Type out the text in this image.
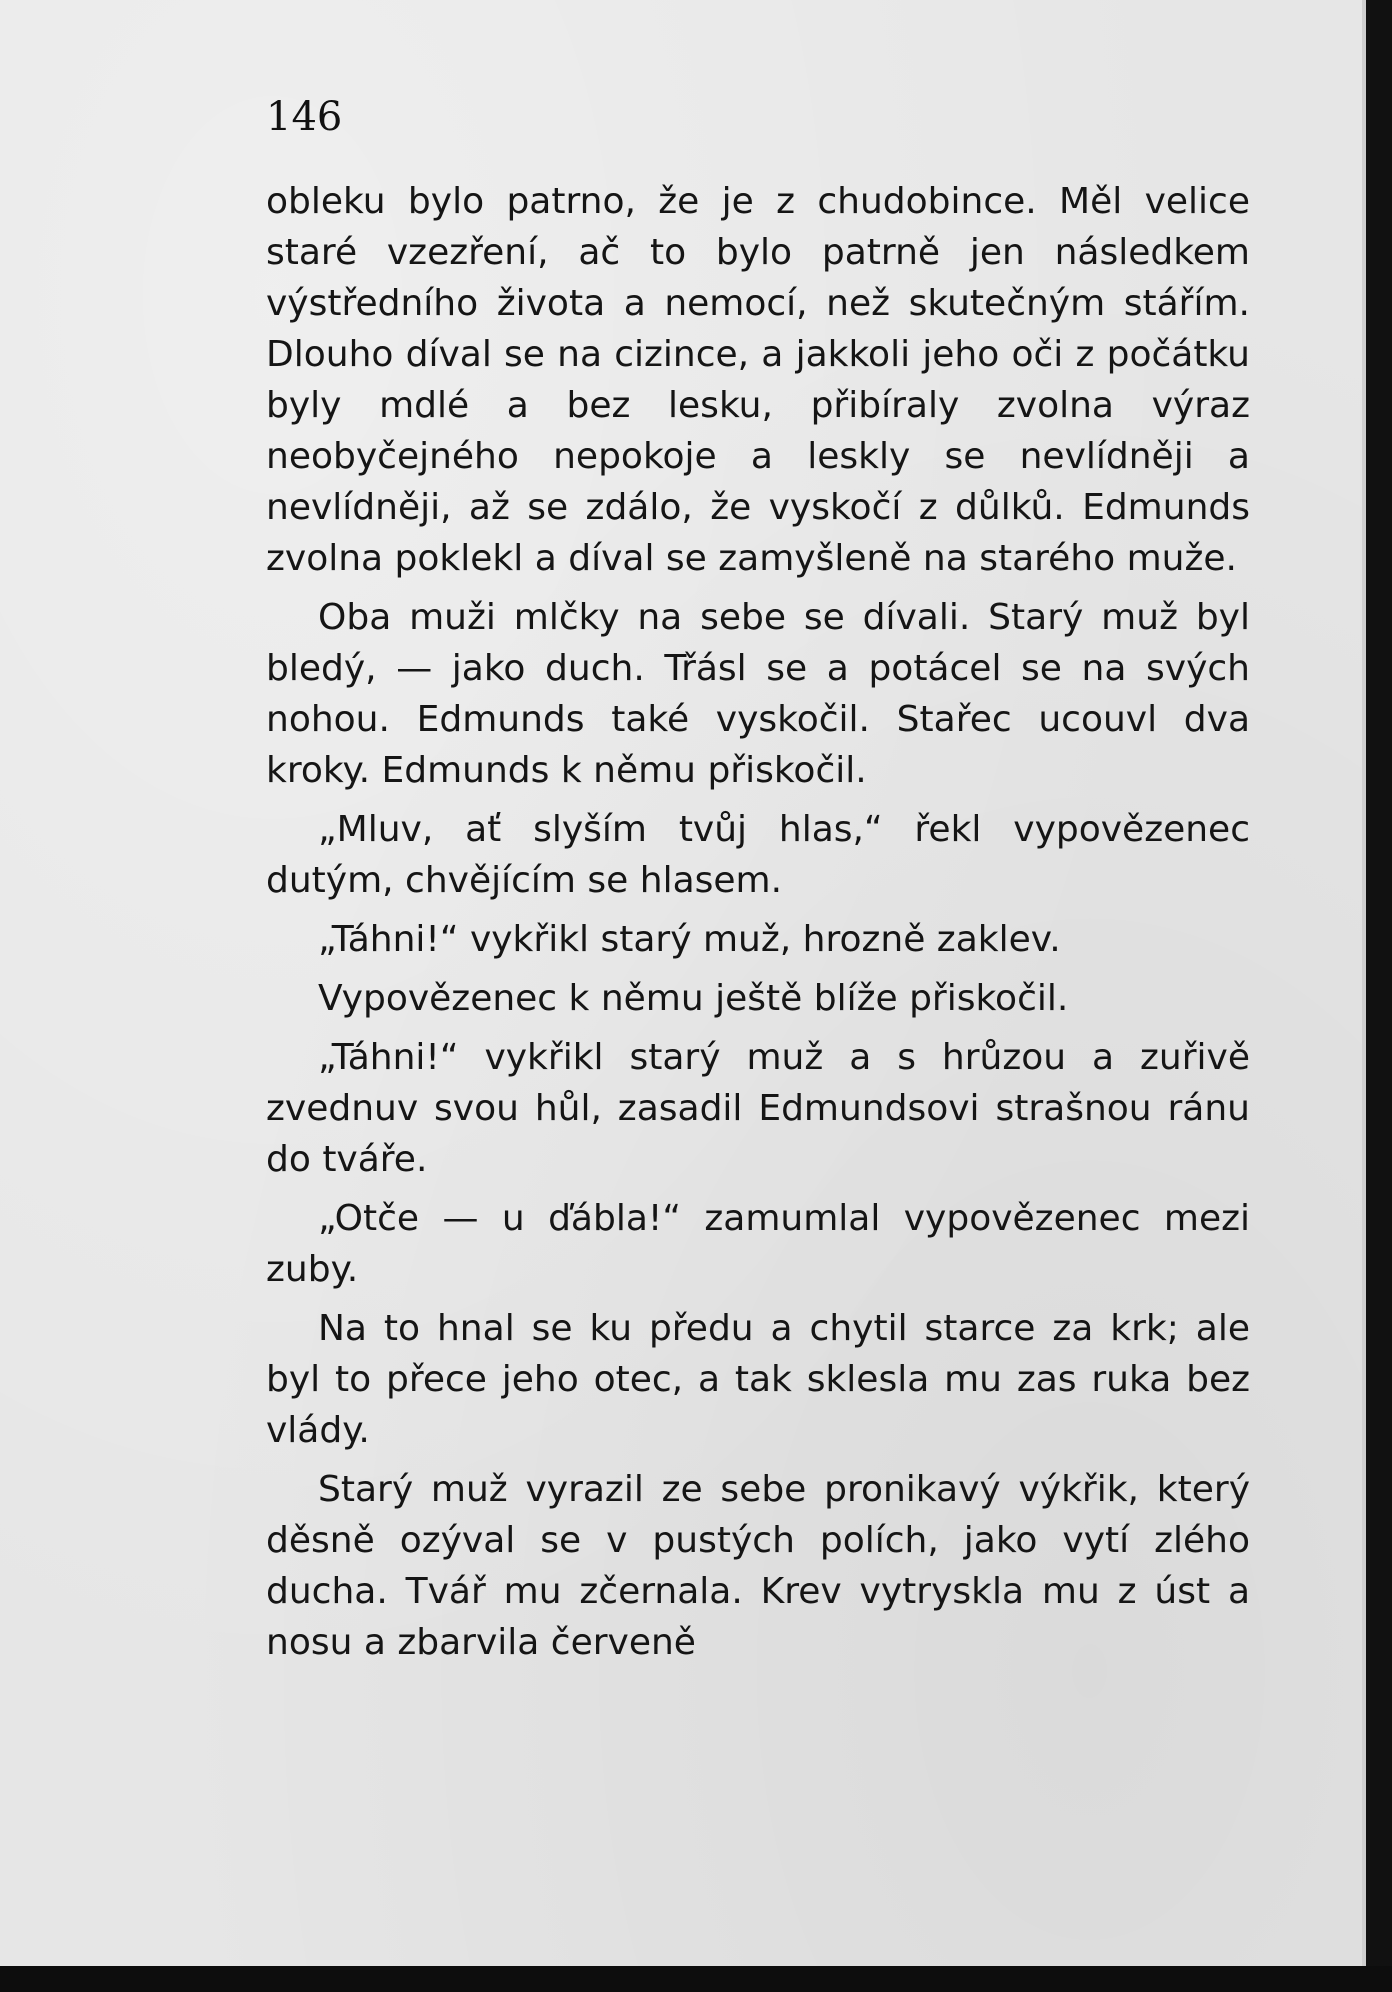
146

obleku bylo patrno, že je z chudobince. Měl velice staré vzezření, ač to bylo patrně jen následkem výstředního života a nemocí, než skutečným stářím. Dlouho díval se na cizince, a jakkoli jeho oči z počátku byly mdlé a bez lesku, přibíraly zvolna výraz neobyčejného nepokoje a leskly se nevlídněji a nevlídněji, až se zdálo, že vyskočí z důlků. Edmunds zvolna poklekl a díval se zamyšleně na starého muže.

Oba muži mlčky na sebe se dívali. Starý muž byl bledý, — jako duch. Třásl se a potácel se na svých nohou. Edmunds také vyskočil. Stařec ucouvl dva kroky. Edmunds k němu přiskočil.

„Mluv, ať slyším tvůj hlas,“ řekl vypovězenec dutým, chvějícím se hlasem.

„Táhni!“ vykřikl starý muž, hrozně zaklev.

Vypovězenec k němu ještě blíže přiskočil.

„Táhni!“ vykřikl starý muž a s hrůzou a zuřivě zvednuv svou hůl, zasadil Edmundsovi strašnou ránu do tváře.

„Otče — u ďábla!“ zamumlal vypovězenec mezi zuby.

Na to hnal se ku předu a chytil starce za krk; ale byl to přece jeho otec, a tak sklesla mu zas ruka bez vlády.

Starý muž vyrazil ze sebe pronikavý výkřik, který děsně ozýval se v pustých polích, jako vytí zlého ducha. Tvář mu zčernala. Krev vytryskla mu z úst a nosu a zbarvila červeně
